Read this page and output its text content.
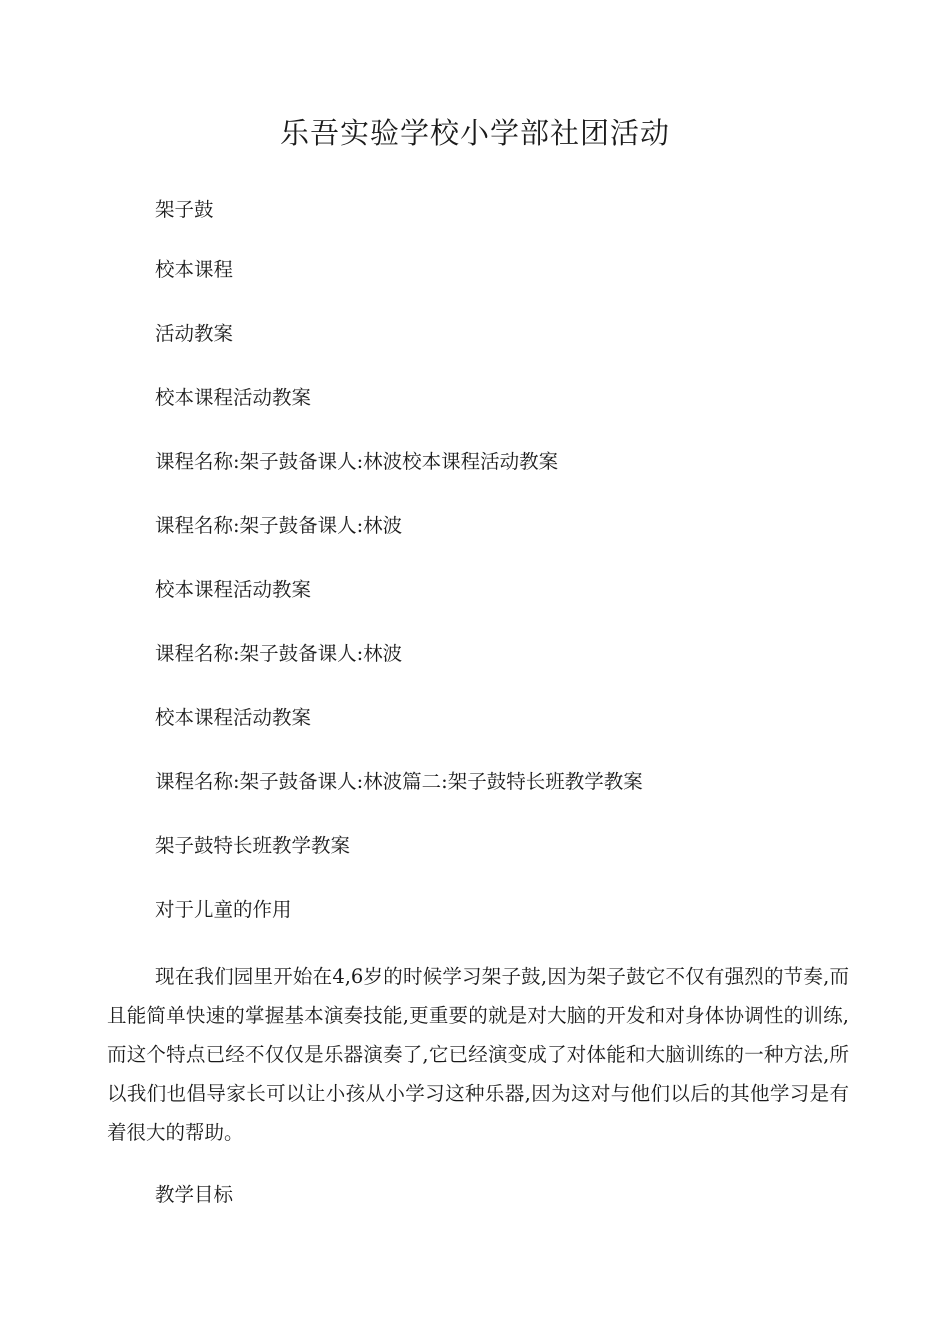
乐吾实验学校小学部社团活动
架子鼓
校本课程
活动教案
校本课程活动教案
课程名称:架子鼓备课人:林波校本课程活动教案
课程名称:架子鼓备课人:林波
校本课程活动教案
课程名称:架子鼓备课人:林波
校本课程活动教案
课程名称:架子鼓备课人:林波篇二:架子鼓特长班教学教案
架子鼓特长班教学教案
对于儿童的作用

现在我们园里开始在4,6岁的时候学习架子鼓,因为架子鼓它不仅有强烈的节奏,而且能简单快速的掌握基本演奏技能,更重要的就是对大脑的开发和对身体协调性的训练,而这个特点已经不仅仅是乐器演奏了,它已经演变成了对体能和大脑训练的一种方法,所以我们也倡导家长可以让小孩从小学习这种乐器,因为这对与他们以后的其他学习是有着很大的帮助。

教学目标
